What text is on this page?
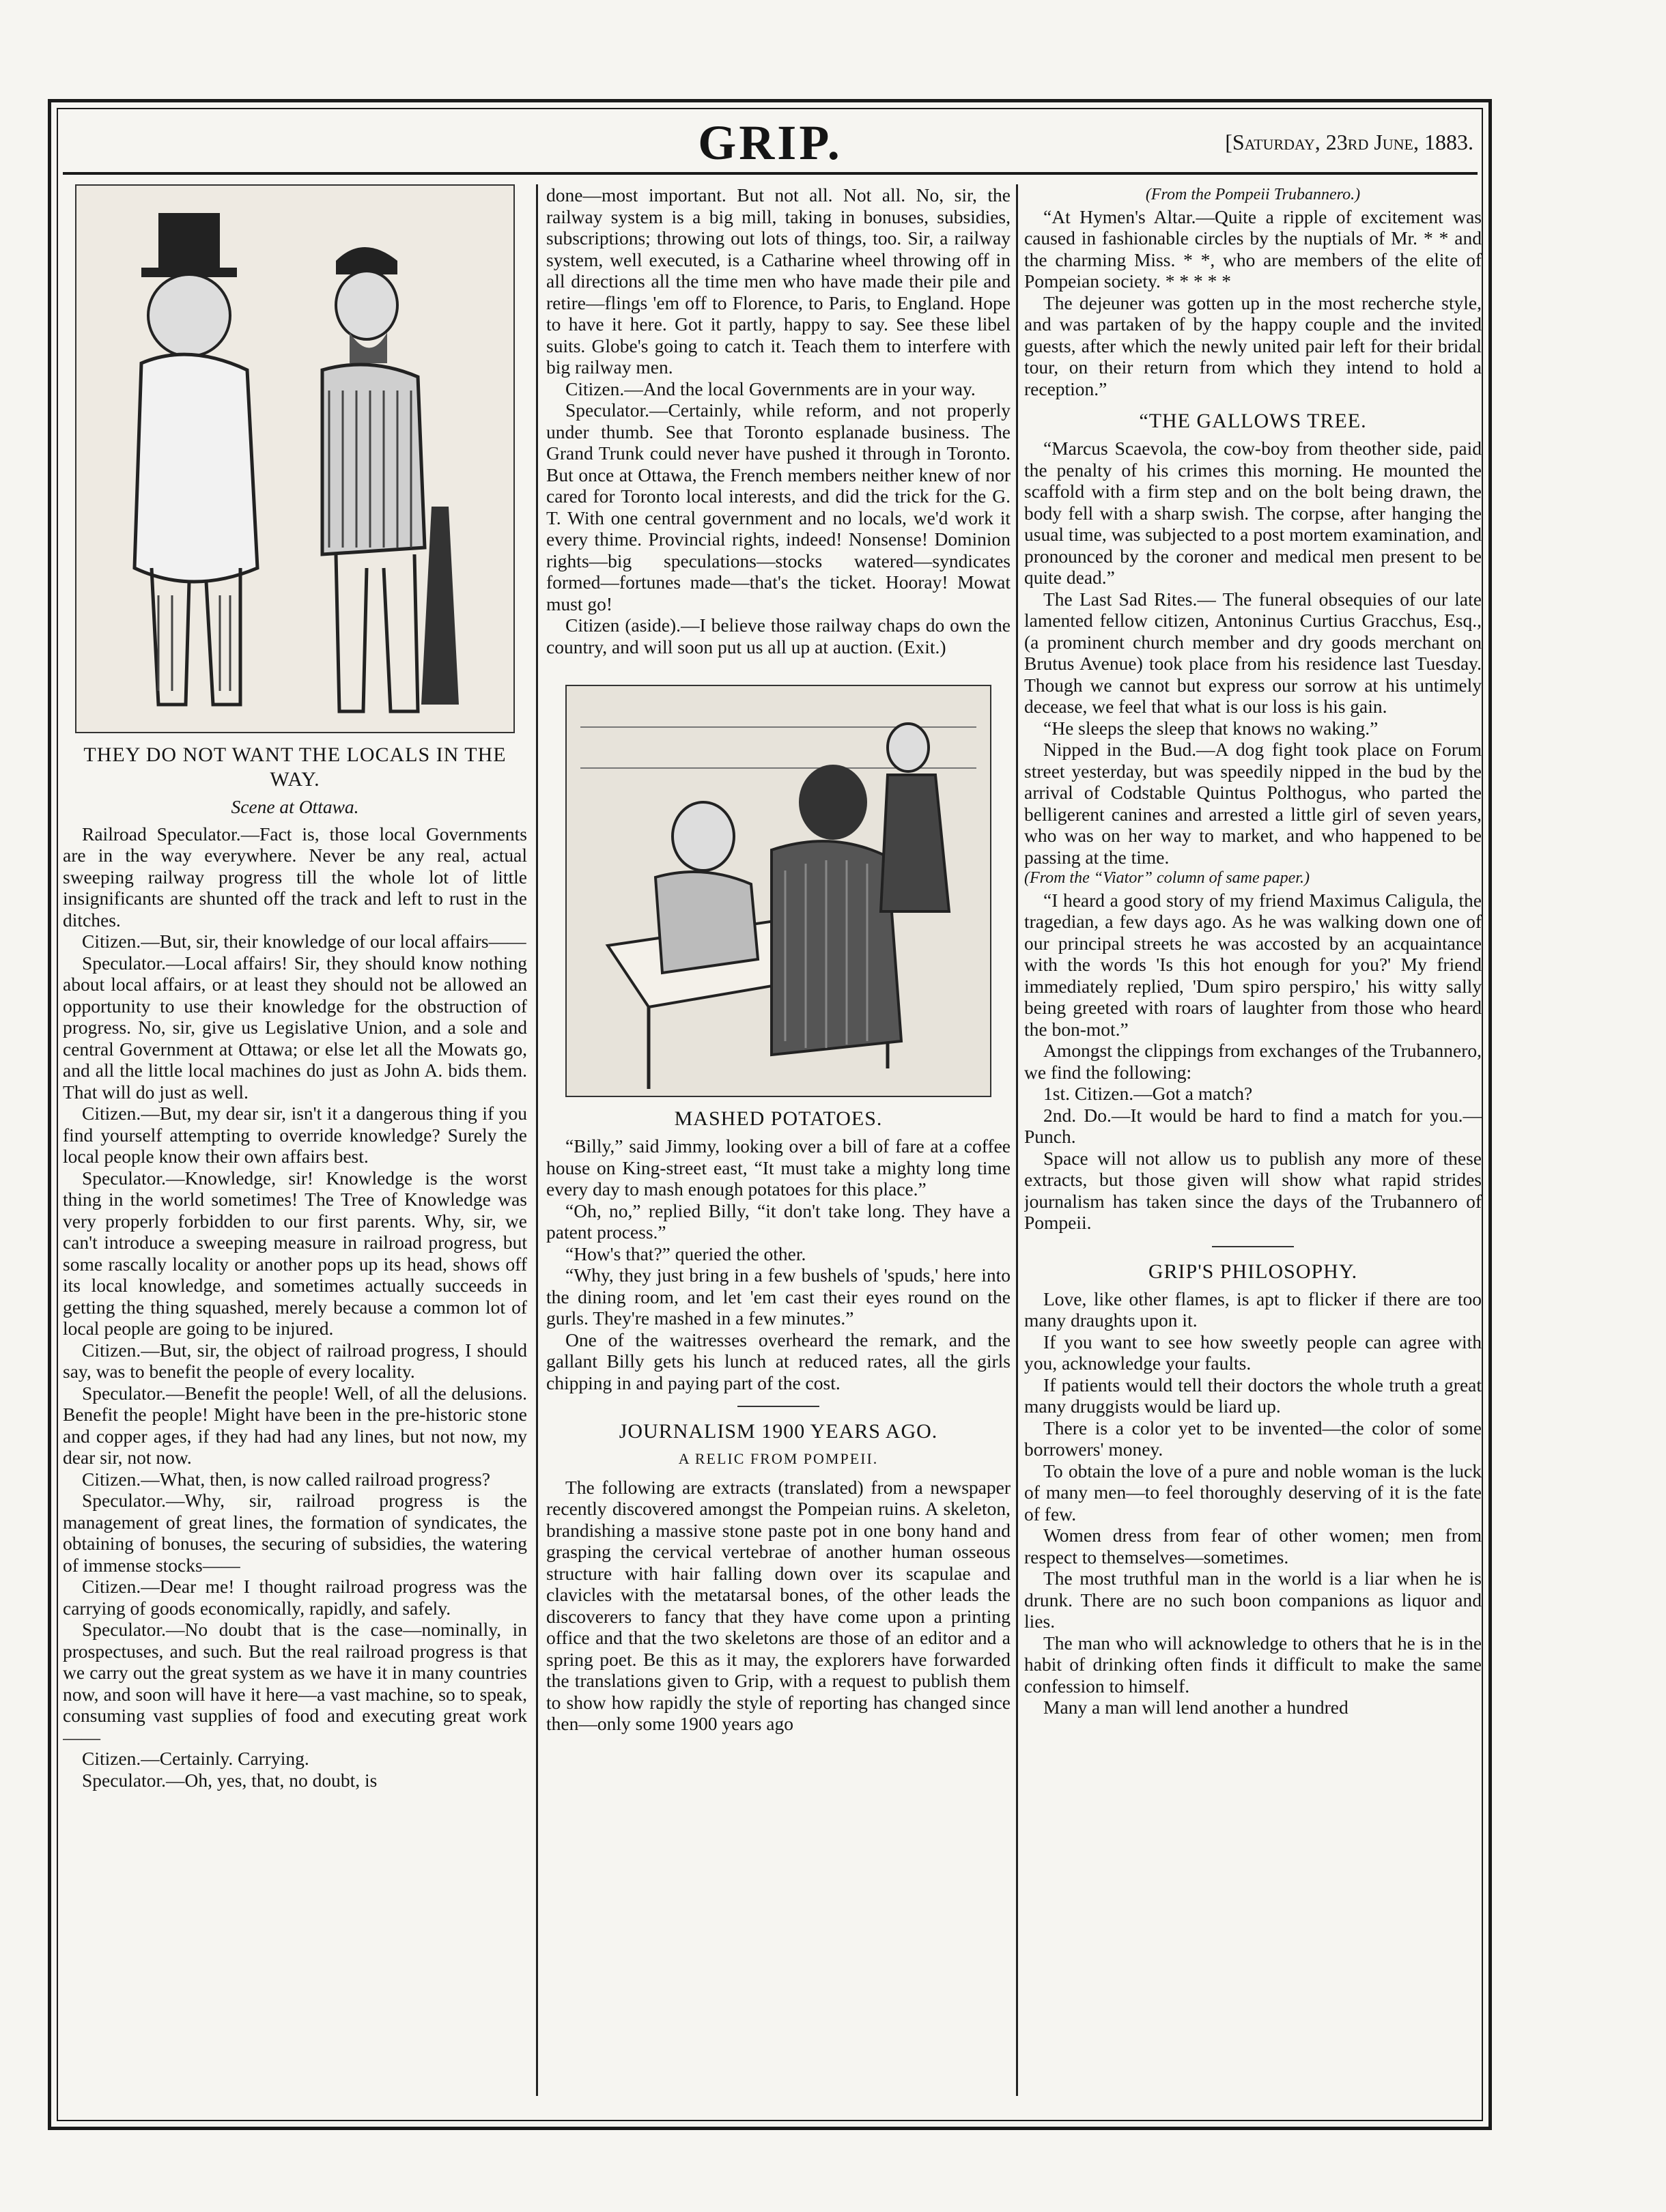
GRIP.	[Saturday, 23rd June, 1883.
THEY DO NOT WANT THE LOCALS IN THE WAY.
Scene at Ottawa.

Railroad Speculator.—Fact is, those local Governments are in the way everywhere. Never be any real, actual sweeping railway progress till the whole lot of little insignificants are shunted off the track and left to rust in the ditches.

Citizen.—But, sir, their knowledge of our local affairs——

Speculator.—Local affairs! Sir, they should know nothing about local affairs, or at least they should not be allowed an opportunity to use their knowledge for the obstruction of progress. No, sir, give us Legislative Union, and a sole and central Government at Ottawa; or else let all the Mowats go, and all the little local machines do just as John A. bids them. That will do just as well.

Citizen.—But, my dear sir, isn't it a dangerous thing if you find yourself attempting to override knowledge? Surely the local people know their own affairs best.

Speculator.—Knowledge, sir! Knowledge is the worst thing in the world sometimes! The Tree of Knowledge was very properly forbidden to our first parents. Why, sir, we can't introduce a sweeping measure in railroad progress, but some rascally locality or another pops up its head, shows off its local knowledge, and sometimes actually succeeds in getting the thing squashed, merely because a common lot of local people are going to be injured.

Citizen.—But, sir, the object of railroad progress, I should say, was to benefit the people of every locality.

Speculator.—Benefit the people! Well, of all the delusions. Benefit the people! Might have been in the pre-historic stone and copper ages, if they had had any lines, but not now, my dear sir, not now.

Citizen.—What, then, is now called railroad progress?

Speculator.—Why, sir, railroad progress is the management of great lines, the formation of syndicates, the obtaining of bonuses, the securing of subsidies, the watering of immense stocks——

Citizen.—Dear me! I thought railroad progress was the carrying of goods economically, rapidly, and safely.

Speculator.—No doubt that is the case—nominally, in prospectuses, and such. But the real railroad progress is that we carry out the great system as we have it in many countries now, and soon will have it here—a vast machine, so to speak, consuming vast supplies of food and executing great work——

Citizen.—Certainly. Carrying.

Speculator.—Oh, yes, that, no doubt, is

done—most important. But not all. Not all. No, sir, the railway system is a big mill, taking in bonuses, subsidies, subscriptions; throwing out lots of things, too. Sir, a railway system, well executed, is a Catharine wheel throwing off in all directions all the time men who have made their pile and retire—flings 'em off to Florence, to Paris, to England. Hope to have it here. Got it partly, happy to say. See these libel suits. Globe's going to catch it. Teach them to interfere with big railway men.

Citizen.—And the local Governments are in your way.

Speculator.—Certainly, while reform, and not properly under thumb. See that Toronto esplanade business. The Grand Trunk could never have pushed it through in Toronto. But once at Ottawa, the French members neither knew of nor cared for Toronto local interests, and did the trick for the G. T. With one central government and no locals, we'd work it every thime. Provincial rights, indeed! Nonsense! Dominion rights—big speculations—stocks watered—syndicates formed—fortunes made—that's the ticket. Hooray! Mowat must go!

Citizen (aside).—I believe those railway chaps do own the country, and will soon put us all up at auction. (Exit.)

MASHED POTATOES.

“Billy,” said Jimmy, looking over a bill of fare at a coffee house on King-street east, “It must take a mighty long time every day to mash enough potatoes for this place.”

“Oh, no,” replied Billy, “it don't take long. They have a patent process.”

“How's that?” queried the other.

“Why, they just bring in a few bushels of 'spuds,' here into the dining room, and let 'em cast their eyes round on the gurls. They're mashed in a few minutes.”

One of the waitresses overheard the remark, and the gallant Billy gets his lunch at reduced rates, all the girls chipping in and paying part of the cost.

JOURNALISM 1900 YEARS AGO.
A RELIC FROM POMPEII.

The following are extracts (translated) from a newspaper recently discovered amongst the Pompeian ruins. A skeleton, brandishing a massive stone paste pot in one bony hand and grasping the cervical vertebrae of another human osseous structure with hair falling down over its scapulae and clavicles with the metatarsal bones, of the other leads the discoverers to fancy that they have come upon a printing office and that the two skeletons are those of an editor and a spring poet. Be this as it may, the explorers have forwarded the translations given to Grip, with a request to publish them to show how rapidly the style of reporting has changed since then—only some 1900 years ago

(From the Pompeii Trubannero.)

“At Hymen's Altar.—Quite a ripple of excitement was caused in fashionable circles by the nuptials of Mr. * * and the charming Miss. * *, who are members of the elite of Pompeian society. * * * * *

The dejeuner was gotten up in the most recherche style, and was partaken of by the happy couple and the invited guests, after which the newly united pair left for their bridal tour, on their return from which they intend to hold a reception.”

“THE GALLOWS TREE.

“Marcus Scaevola, the cow-boy from theother side, paid the penalty of his crimes this morning. He mounted the scaffold with a firm step and on the bolt being drawn, the body fell with a sharp swish. The corpse, after hanging the usual time, was subjected to a post mortem examination, and pronounced by the coroner and medical men present to be quite dead.”

The Last Sad Rites.— The funeral obsequies of our late lamented fellow citizen, Antoninus Curtius Gracchus, Esq., (a prominent church member and dry goods merchant on Brutus Avenue) took place from his residence last Tuesday. Though we cannot but express our sorrow at his untimely decease, we feel that what is our loss is his gain.

“He sleeps the sleep that knows no waking.”

Nipped in the Bud.—A dog fight took place on Forum street yesterday, but was speedily nipped in the bud by the arrival of Codstable Quintus Polthogus, who parted the belligerent canines and arrested a little girl of seven years, who was on her way to market, and who happened to be passing at the time.

(From the “Viator” column of same paper.)

“I heard a good story of my friend Maximus Caligula, the tragedian, a few days ago. As he was walking down one of our principal streets he was accosted by an acquaintance with the words 'Is this hot enough for you?' My friend immediately replied, 'Dum spiro perspiro,' his witty sally being greeted with roars of laughter from those who heard the bon-mot.”

Amongst the clippings from exchanges of the Trubannero, we find the following:

1st. Citizen.—Got a match?

2nd. Do.—It would be hard to find a match for you.—Punch.

Space will not allow us to publish any more of these extracts, but those given will show what rapid strides journalism has taken since the days of the Trubannero of Pompeii.

GRIP'S PHILOSOPHY.

Love, like other flames, is apt to flicker if there are too many draughts upon it.

If you want to see how sweetly people can agree with you, acknowledge your faults.

If patients would tell their doctors the whole truth a great many druggists would be liard up.

There is a color yet to be invented—the color of some borrowers' money.

To obtain the love of a pure and noble woman is the luck of many men—to feel thoroughly deserving of it is the fate of few.

Women dress from fear of other women; men from respect to themselves—sometimes.

The most truthful man in the world is a liar when he is drunk. There are no such boon companions as liquor and lies.

The man who will acknowledge to others that he is in the habit of drinking often finds it difficult to make the same confession to himself.

Many a man will lend another a hundred
